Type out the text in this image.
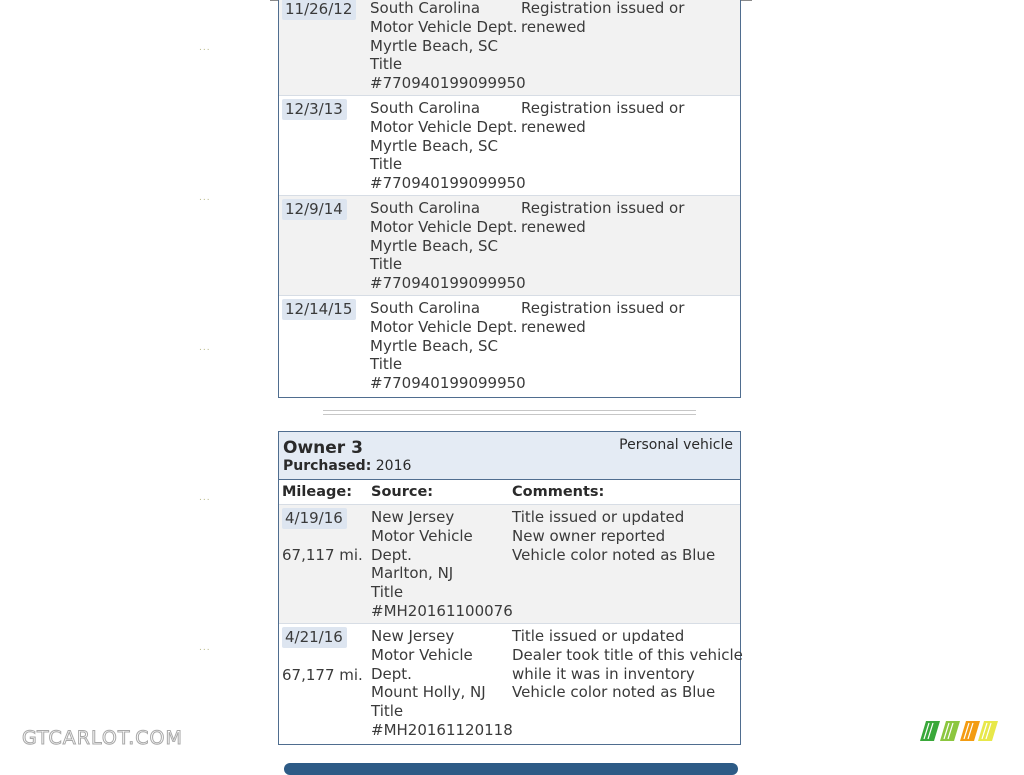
...
...
...
...
...
11/26/12 South Carolina
Motor Vehicle Dept.
Myrtle Beach, SC
Title
#770940199099950
Registration issued or
renewed
12/3/13 South Carolina
Motor Vehicle Dept.
Myrtle Beach, SC
Title
#770940199099950
Registration issued or
renewed
12/9/14 South Carolina
Motor Vehicle Dept.
Myrtle Beach, SC
Title
#770940199099950
Registration issued or
renewed
12/14/15 South Carolina
Motor Vehicle Dept.
Myrtle Beach, SC
Title
#770940199099950
Registration issued or
renewed
Owner 3
Purchased: 2016
Personal vehicle
Mileage: Source:	Comments:
4/19/16
67,117 mi.
New Jersey
Motor Vehicle
Dept.
Marlton, NJ
Title
#MH20161100076
Title issued or updated
New owner reported
Vehicle color noted as Blue
4/21/16
67,177 mi.
New Jersey
Motor Vehicle
Dept.
Mount Holly, NJ
Title
#MH20161120118
Title issued or updated
Dealer took title of this vehicle
while it was in inventory
Vehicle color noted as Blue
GTCARLOT.COM
